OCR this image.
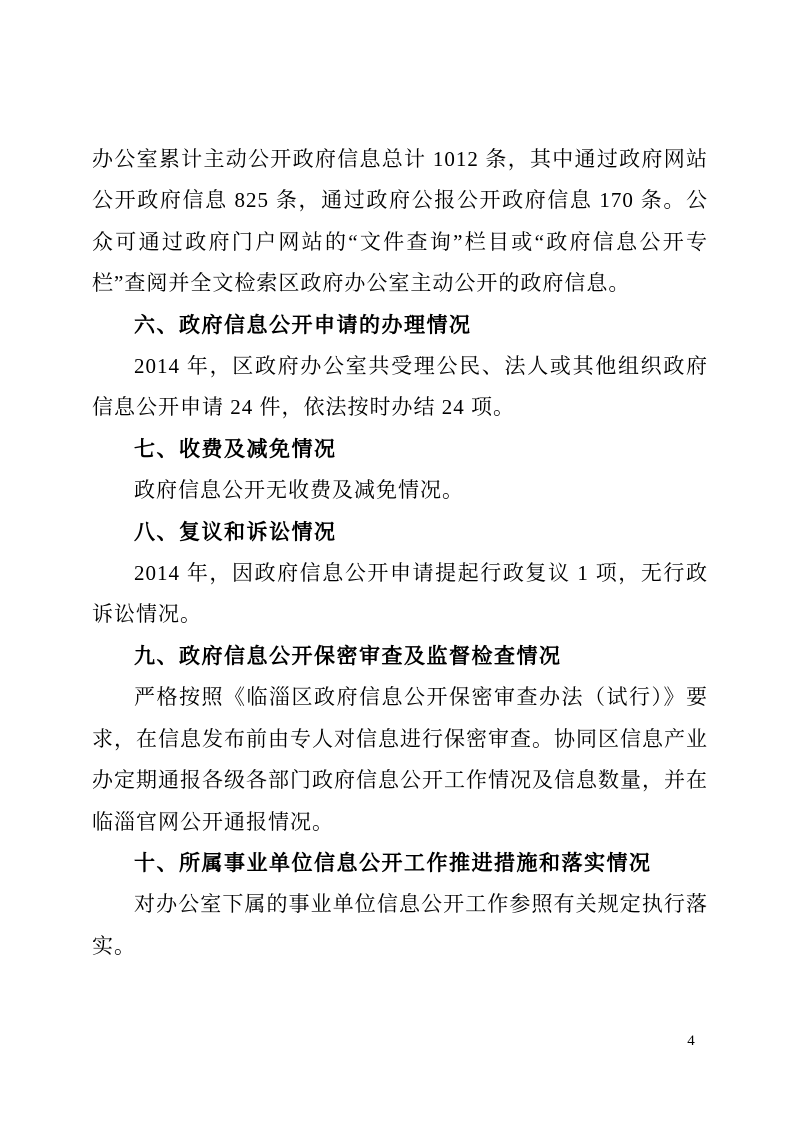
办公室累计主动公开政府信息总计 1012 条，其中通过政府网站公开政府信息 825 条，通过政府公报公开政府信息 170 条。公众可通过政府门户网站的“文件查询”栏目或“政府信息公开专栏”查阅并全文检索区政府办公室主动公开的政府信息。

六、政府信息公开申请的办理情况

2014 年，区政府办公室共受理公民、法人或其他组织政府信息公开申请 24 件，依法按时办结 24 项。

七、收费及减免情况

政府信息公开无收费及减免情况。

八、复议和诉讼情况

2014 年，因政府信息公开申请提起行政复议 1 项，无行政诉讼情况。

九、政府信息公开保密审查及监督检查情况

严格按照《临淄区政府信息公开保密审查办法（试行）》要求，在信息发布前由专人对信息进行保密审查。协同区信息产业办定期通报各级各部门政府信息公开工作情况及信息数量，并在临淄官网公开通报情况。

十、所属事业单位信息公开工作推进措施和落实情况

对办公室下属的事业单位信息公开工作参照有关规定执行落实。

4
